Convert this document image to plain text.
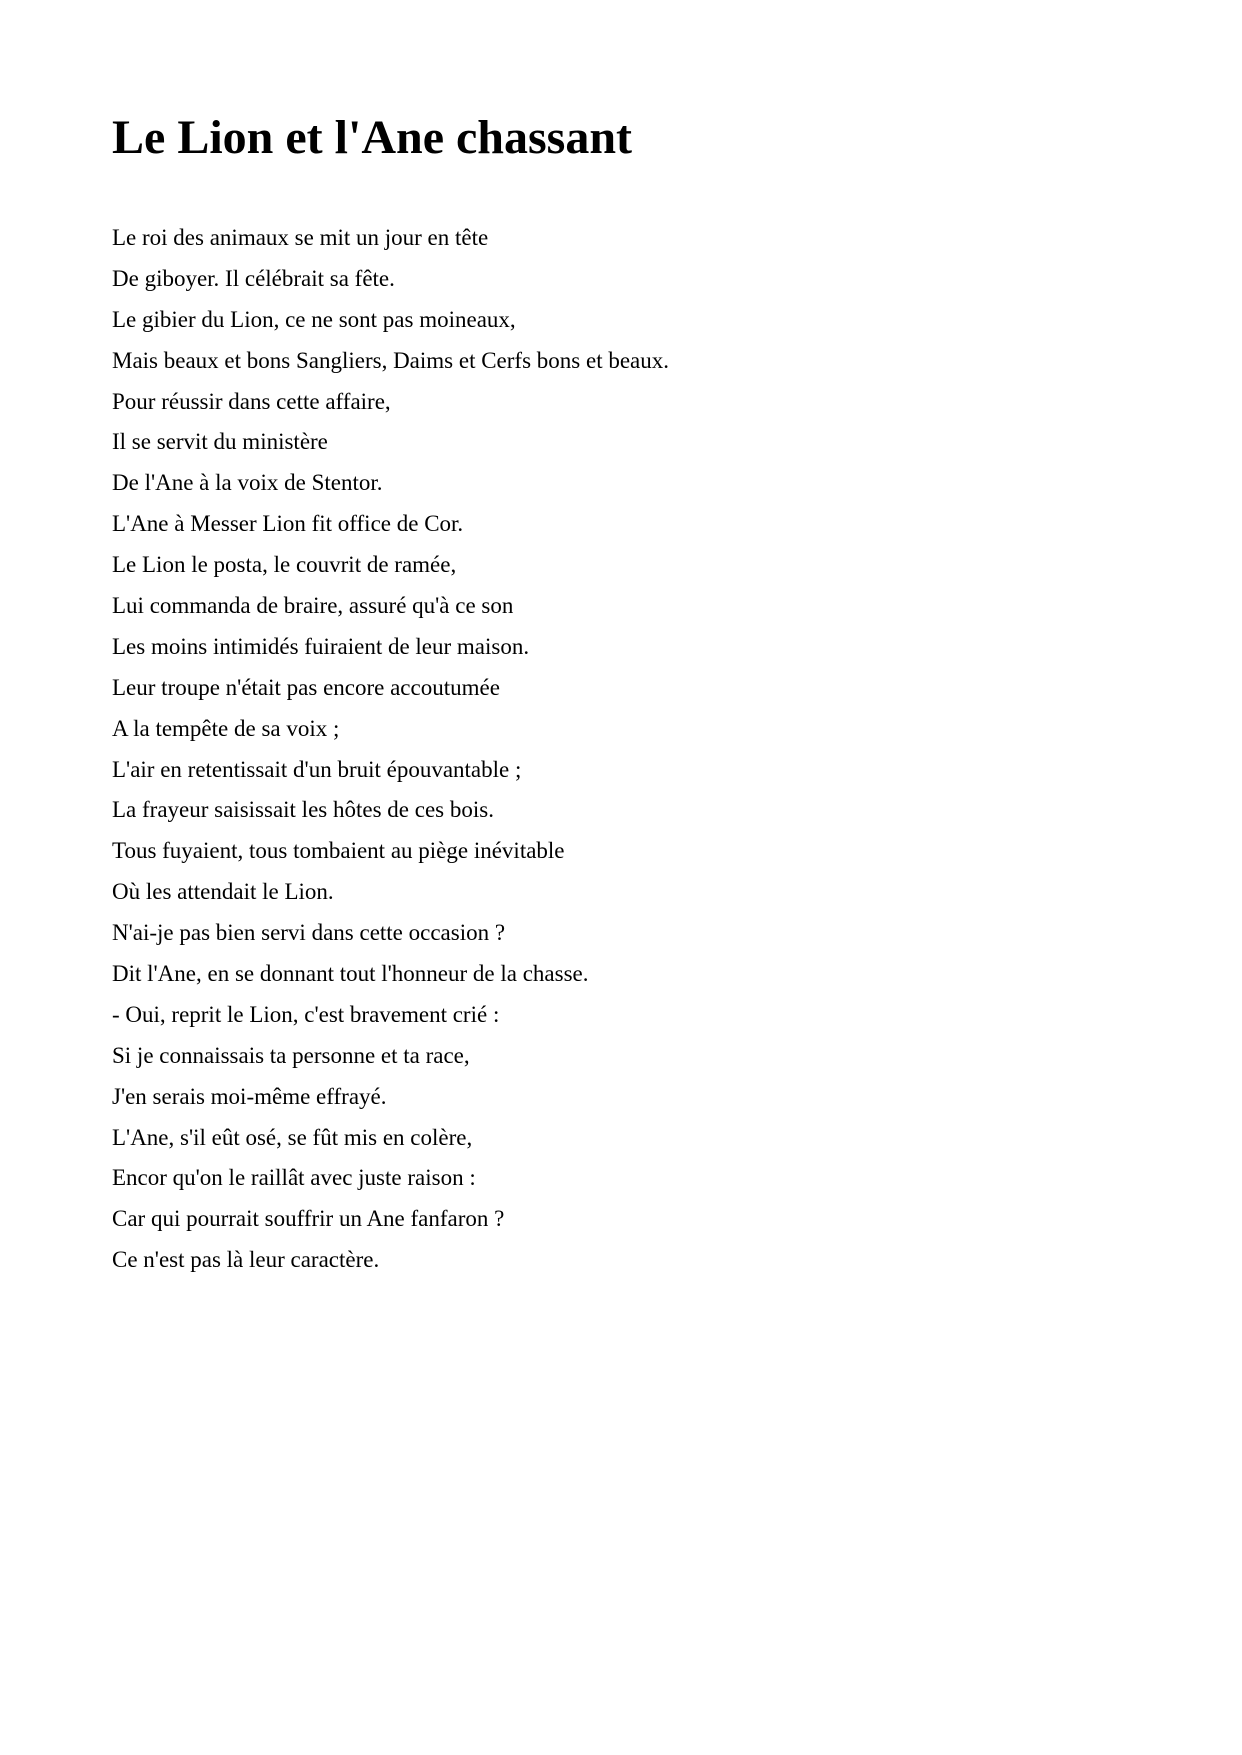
Le Lion et l'Ane chassant
Le roi des animaux se mit un jour en tête
De giboyer. Il célébrait sa fête.
Le gibier du Lion, ce ne sont pas moineaux,
Mais beaux et bons Sangliers, Daims et Cerfs bons et beaux.
Pour réussir dans cette affaire,
Il se servit du ministère
De l'Ane à la voix de Stentor.
L'Ane à Messer Lion fit office de Cor.
Le Lion le posta, le couvrit de ramée,
Lui commanda de braire, assuré qu'à ce son
Les moins intimidés fuiraient de leur maison.
Leur troupe n'était pas encore accoutumée
A la tempête de sa voix ;
L'air en retentissait d'un bruit épouvantable ;
La frayeur saisissait les hôtes de ces bois.
Tous fuyaient, tous tombaient au piège inévitable
Où les attendait le Lion.
N'ai-je pas bien servi dans cette occasion ?
Dit l'Ane, en se donnant tout l'honneur de la chasse.
- Oui, reprit le Lion, c'est bravement crié :
Si je connaissais ta personne et ta race,
J'en serais moi-même effrayé.
L'Ane, s'il eût osé, se fût mis en colère,
Encor qu'on le raillât avec juste raison :
Car qui pourrait souffrir un Ane fanfaron ?
Ce n'est pas là leur caractère.
